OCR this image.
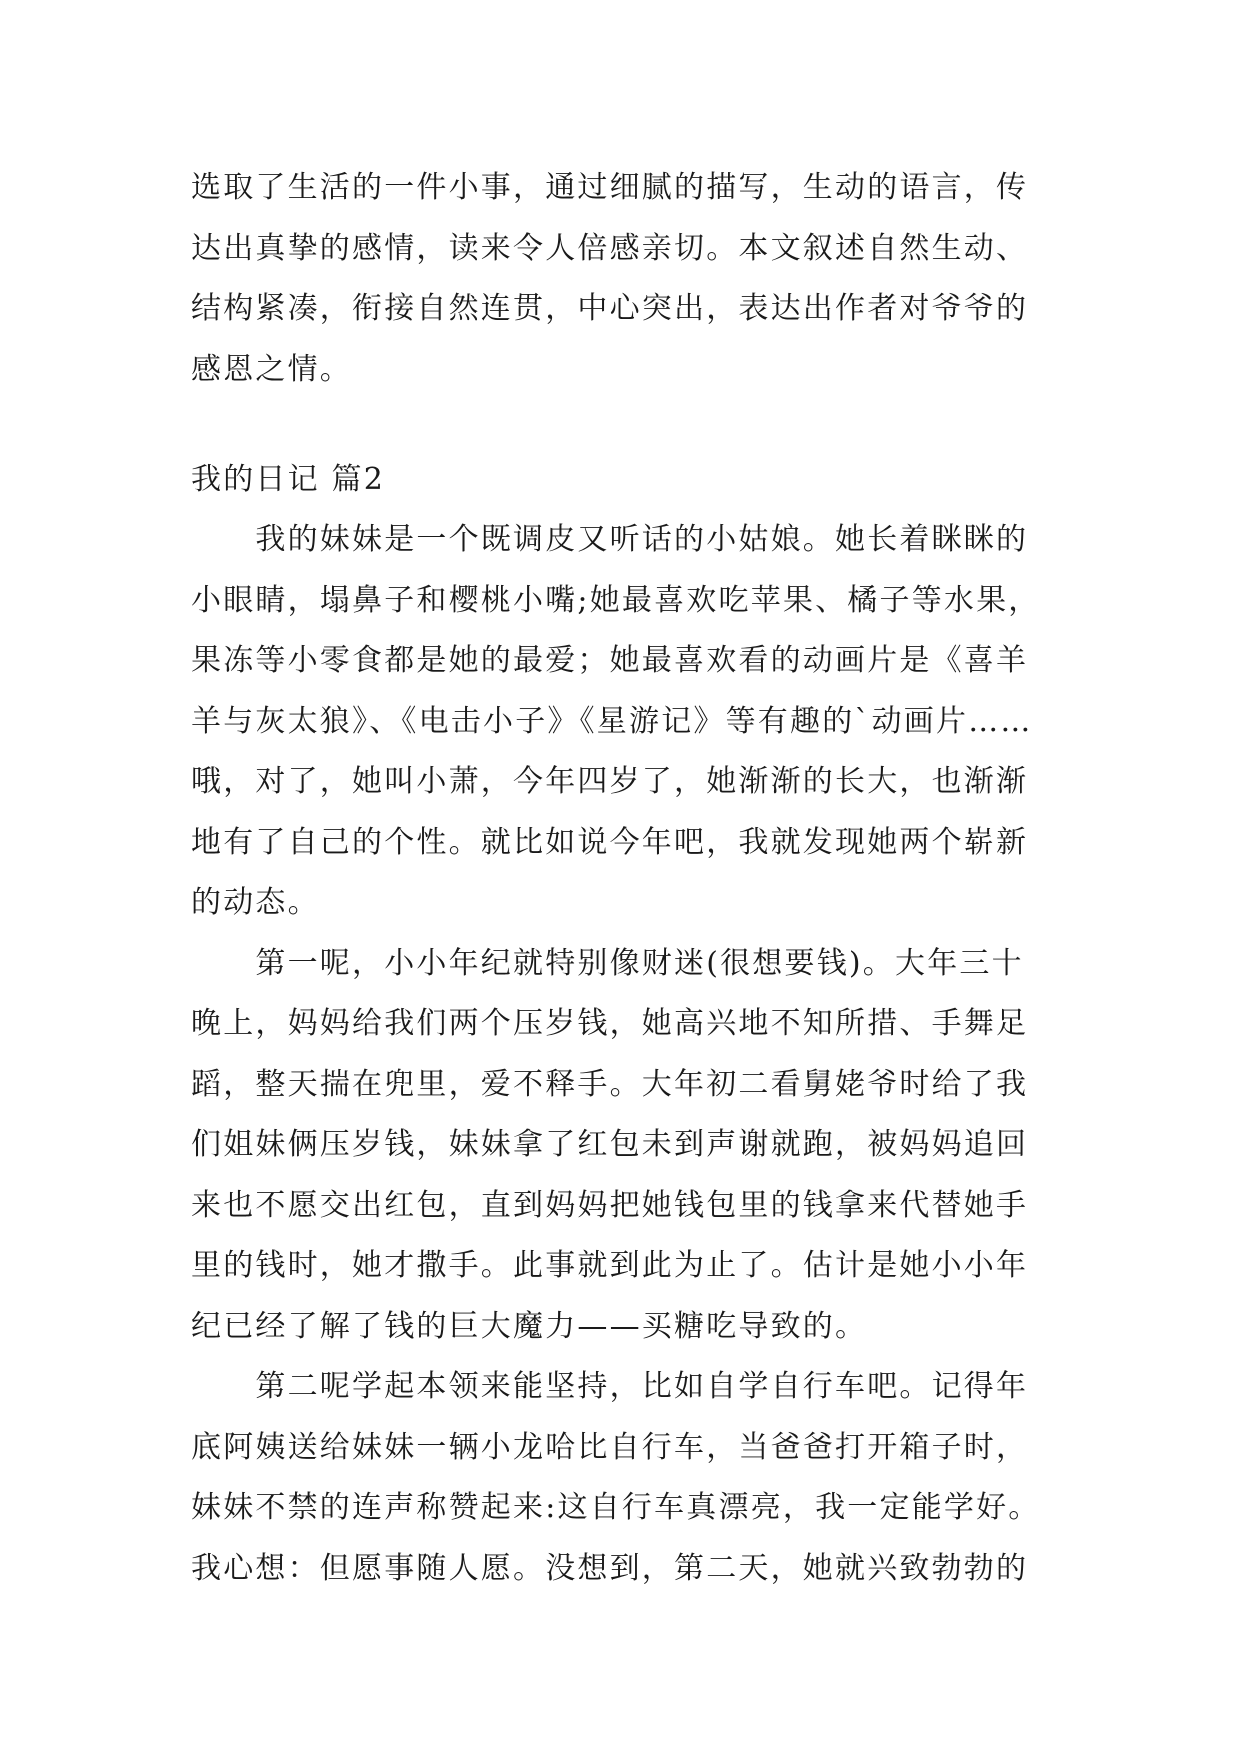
选取了生活的一件小事，通过细腻的描写，生动的语言，传
达出真挚的感情，读来令人倍感亲切。本文叙述自然生动、
结构紧凑，衔接自然连贯，中心突出，表达出作者对爷爷的
感恩之情。

我的日记 篇2

　　我的妹妹是一个既调皮又听话的小姑娘。她长着眯眯的
小眼睛，塌鼻子和樱桃小嘴;她最喜欢吃苹果、橘子等水果，
果冻等小零食都是她的最爱；她最喜欢看的动画片是《喜羊
羊与灰太狼》、《电击小子》《星游记》等有趣的`动画片……
哦，对了，她叫小萧，今年四岁了，她渐渐的长大，也渐渐
地有了自己的个性。就比如说今年吧，我就发现她两个崭新
的动态。

　　第一呢，小小年纪就特别像财迷(很想要钱)。大年三十
晚上，妈妈给我们两个压岁钱，她高兴地不知所措、手舞足
蹈，整天揣在兜里，爱不释手。大年初二看舅姥爷时给了我
们姐妹俩压岁钱，妹妹拿了红包未到声谢就跑，被妈妈追回
来也不愿交出红包，直到妈妈把她钱包里的钱拿来代替她手
里的钱时，她才撒手。此事就到此为止了。估计是她小小年
纪已经了解了钱的巨大魔力——买糖吃导致的。

　　第二呢学起本领来能坚持，比如自学自行车吧。记得年
底阿姨送给妹妹一辆小龙哈比自行车，当爸爸打开箱子时，
妹妹不禁的连声称赞起来:这自行车真漂亮，我一定能学好。
我心想：但愿事随人愿。没想到，第二天，她就兴致勃勃的
